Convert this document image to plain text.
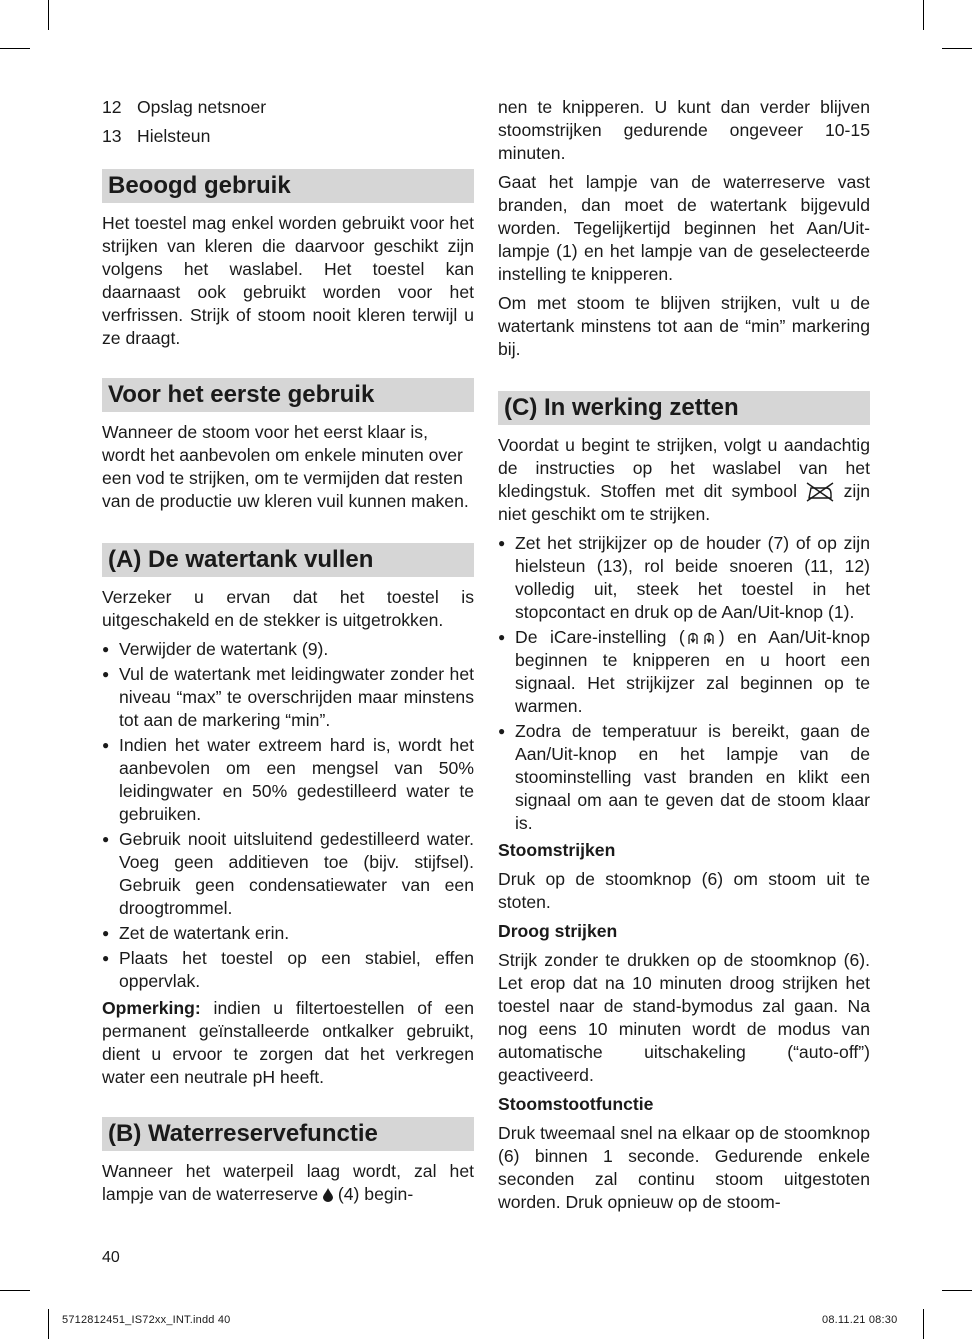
12 Opslag netsnoer
13 Hielsteun
Beoogd gebruik

Het toestel mag enkel worden gebruikt voor het strijken van kleren die daarvoor geschikt zijn volgens het waslabel. Het toestel kan daarnaast ook gebruikt worden voor het verfrissen. Strijk of stoom nooit kleren terwijl u ze draagt.

Voor het eerste gebruik

Wanneer de stoom voor het eerst klaar is, wordt het aanbevolen om enkele minuten over een vod te strijken, om te vermijden dat resten van de productie uw kleren vuil kunnen maken.

(A) De watertank vullen

Verzeker u ervan dat het toestel is uitgeschakeld en de stekker is uitgetrokken.

● Verwijder de watertank (9).
● Vul de watertank met leidingwater zonder het niveau “max” te overschrijden maar minstens tot aan de markering “min”.
● Indien het water extreem hard is, wordt het aanbevolen om een mengsel van 50% leidingwater en 50% gedestilleerd water te gebruiken.
● Gebruik nooit uitsluitend gedestilleerd water. Voeg geen additieven toe (bijv. stijfsel). Gebruik geen condensatiewater van een droogtrommel.
● Zet de watertank erin.
● Plaats het toestel op een stabiel, effen oppervlak.

Opmerking: indien u filtertoestellen of een permanent geïnstalleerde ontkalker gebruikt, dient u ervoor te zorgen dat het verkregen water een neutrale pH heeft.

(B) Waterreservefunctie

Wanneer het waterpeil laag wordt, zal het lampje van de waterreserve (4) begin-

40

nen te knipperen. U kunt dan verder blijven stoomstrijken gedurende ongeveer 10-15 minuten.

Gaat het lampje van de waterreserve vast branden, dan moet de watertank bijgevuld worden. Tegelijkertijd beginnen het Aan/Uit-lampje (1) en het lampje van de geselecteerde instelling te knipperen.

Om met stoom te blijven strijken, vult u de watertank minstens tot aan de “min” markering bij.

(C) In werking zetten

Voordat u begint te strijken, volgt u aandachtig de instructies op het waslabel van het kledingstuk. Stoffen met dit symbool	zijn niet geschikt om te strijken.

● Zet het strijkijzer op de houder (7) of op zijn hielsteun (13), rol beide snoeren (11, 12) volledig uit, steek het toestel in het stopcontact en druk op de Aan/Uit-knop (1).
● De iCare-instelling ( ) en Aan/Uit-knop beginnen te knipperen en u hoort een signaal. Het strijkijzer zal beginnen op te warmen.
● Zodra de temperatuur is bereikt, gaan de Aan/Uit-knop en het lampje van de stoominstelling vast branden en klikt een signaal om aan te geven dat de stoom klaar is.
Stoomstrijken

Druk op de stoomknop (6) om stoom uit te stoten.

Droog strijken

Strijk zonder te drukken op de stoomknop (6). Let erop dat na 10 minuten droog strijken het toestel naar de stand-bymodus zal gaan. Na nog eens 10 minuten wordt de modus van automatische uitschakeling (“auto-off”) geactiveerd.

Stoomstootfunctie

Druk tweemaal snel na elkaar op de stoomknop (6) binnen 1 seconde. Gedurende enkele seconden zal continu stoom uitgestoten worden. Druk opnieuw op de stoom-

5712812451_IS72xx_INT.indd 40	08.11.21 08:30
